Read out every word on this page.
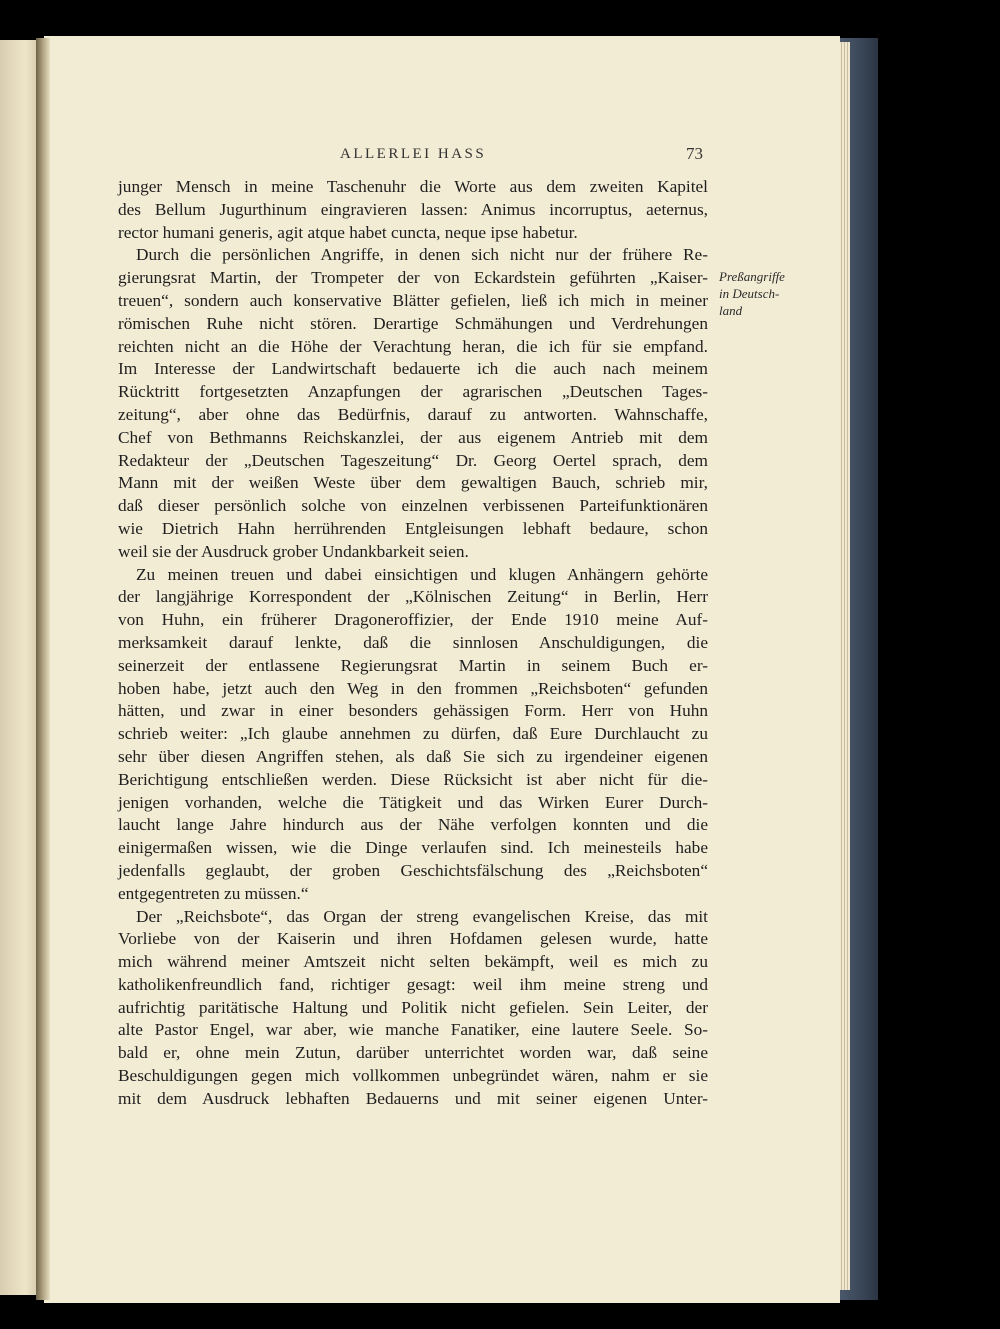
ALLERLEI HASS	73
Preßangriffe
in Deutsch-
land
junger Mensch in meine Taschenuhr die Worte aus dem zweiten Kapitel
des Bellum Jugurthinum eingravieren lassen: Animus incorruptus, aeternus,
rector humani generis, agit atque habet cuncta, neque ipse habetur.
Durch die persönlichen Angriffe, in denen sich nicht nur der frühere Re-
gierungsrat Martin, der Trompeter der von Eckardstein geführten „Kaiser-
treuen“, sondern auch konservative Blätter gefielen, ließ ich mich in meiner
römischen Ruhe nicht stören. Derartige Schmähungen und Verdrehungen
reichten nicht an die Höhe der Verachtung heran, die ich für sie empfand.
Im Interesse der Landwirtschaft bedauerte ich die auch nach meinem
Rücktritt fortgesetzten Anzapfungen der agrarischen „Deutschen Tages-
zeitung“, aber ohne das Bedürfnis, darauf zu antworten. Wahnschaffe,
Chef von Bethmanns Reichskanzlei, der aus eigenem Antrieb mit dem
Redakteur der „Deutschen Tageszeitung“ Dr. Georg Oertel sprach, dem
Mann mit der weißen Weste über dem gewaltigen Bauch, schrieb mir,
daß dieser persönlich solche von einzelnen verbissenen Parteifunktionären
wie Dietrich Hahn herrührenden Entgleisungen lebhaft bedaure, schon
weil sie der Ausdruck grober Undankbarkeit seien.
Zu meinen treuen und dabei einsichtigen und klugen Anhängern gehörte
der langjährige Korrespondent der „Kölnischen Zeitung“ in Berlin, Herr
von Huhn, ein früherer Dragoneroffizier, der Ende 1910 meine Auf-
merksamkeit darauf lenkte, daß die sinnlosen Anschuldigungen, die
seinerzeit der entlassene Regierungsrat Martin in seinem Buch er-
hoben habe, jetzt auch den Weg in den frommen „Reichsboten“ gefunden
hätten, und zwar in einer besonders gehässigen Form. Herr von Huhn
schrieb weiter: „Ich glaube annehmen zu dürfen, daß Eure Durchlaucht zu
sehr über diesen Angriffen stehen, als daß Sie sich zu irgendeiner eigenen
Berichtigung entschließen werden. Diese Rücksicht ist aber nicht für die-
jenigen vorhanden, welche die Tätigkeit und das Wirken Eurer Durch-
laucht lange Jahre hindurch aus der Nähe verfolgen konnten und die
einigermaßen wissen, wie die Dinge verlaufen sind. Ich meinesteils habe
jedenfalls geglaubt, der groben Geschichtsfälschung des „Reichsboten“
entgegentreten zu müssen.“
Der „Reichsbote“, das Organ der streng evangelischen Kreise, das mit
Vorliebe von der Kaiserin und ihren Hofdamen gelesen wurde, hatte
mich während meiner Amtszeit nicht selten bekämpft, weil es mich zu
katholikenfreundlich fand, richtiger gesagt: weil ihm meine streng und
aufrichtig paritätische Haltung und Politik nicht gefielen. Sein Leiter, der
alte Pastor Engel, war aber, wie manche Fanatiker, eine lautere Seele. So-
bald er, ohne mein Zutun, darüber unterrichtet worden war, daß seine
Beschuldigungen gegen mich vollkommen unbegründet wären, nahm er sie
mit dem Ausdruck lebhaften Bedauerns und mit seiner eigenen Unter-
